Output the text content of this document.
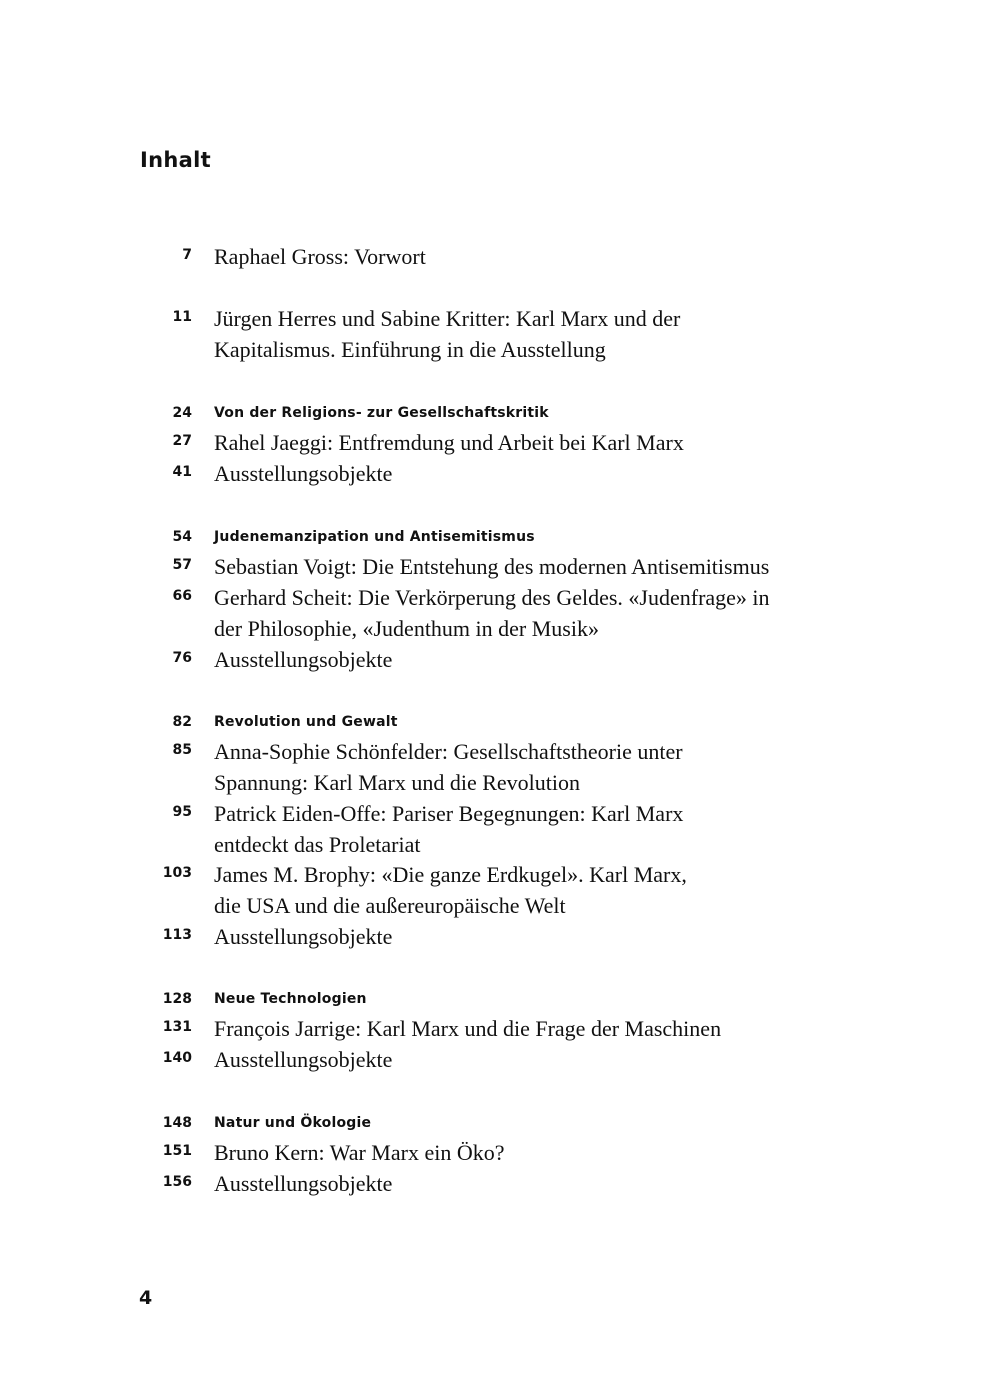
Inhalt
7 Raphael Gross: Vorwort
11 Jürgen Herres und Sabine Kritter: Karl Marx und der
Kapitalismus. Einführung in die Ausstellung
24 Von der Religions- zur Gesellschaftskritik
27 Rahel Jaeggi: Entfremdung und Arbeit bei Karl Marx
41 Ausstellungsobjekte
54 Judenemanzipation und Antisemitismus
57 Sebastian Voigt: Die Entstehung des modernen Antisemitismus
66 Gerhard Scheit: Die Verkörperung des Geldes. «Judenfrage» in
der Philosophie, «Judenthum in der Musik»
76 Ausstellungsobjekte
82 Revolution und Gewalt
85 Anna-Sophie Schönfelder: Gesellschaftstheorie unter
Spannung: Karl Marx und die Revolution
95 Patrick Eiden-Offe: Pariser Begegnungen: Karl Marx
entdeckt das Proletariat
103 James M. Brophy: «Die ganze Erdkugel». Karl Marx,
die USA und die außereuropäische Welt
113 Ausstellungsobjekte
128 Neue Technologien
131 François Jarrige: Karl Marx und die Frage der Maschinen
140 Ausstellungsobjekte
148 Natur und Ökologie
151 Bruno Kern: War Marx ein Öko?
156 Ausstellungsobjekte
4
